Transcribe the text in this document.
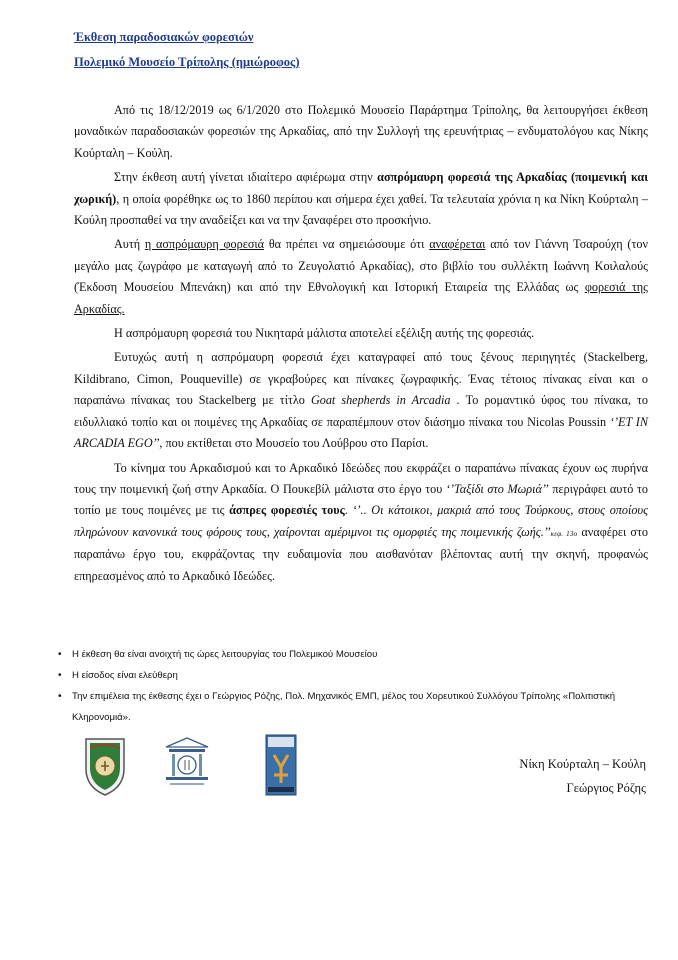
Έκθεση παραδοσιακών φορεσιών

Πολεμικό Μουσείο Τρίπολης (ημιώροφος)

Από τις 18/12/2019 ως 6/1/2020 στο Πολεμικό Μουσείο Παράρτημα Τρίπολης, θα λειτουργήσει έκθεση μοναδικών παραδοσιακών φορεσιών της Αρκαδίας, από την Συλλογή της ερευνήτριας – ενδυματολόγου κας Νίκης Κούρταλη – Κούλη.

Στην έκθεση αυτή γίνεται ιδιαίτερο αφιέρωμα στην ασπρόμαυρη φορεσιά της Αρκαδίας (ποιμενική και χωρική), η οποία φορέθηκε ως το 1860 περίπου και σήμερα έχει χαθεί. Τα τελευταία χρόνια η κα Νίκη Κούρταλη – Κούλη προσπαθεί να την αναδείξει και να την ξαναφέρει στο προσκήνιο.

Αυτή η ασπρόμαυρη φορεσιά θα πρέπει να σημειώσουμε ότι αναφέρεται από τον Γιάννη Τσαρούχη (τον μεγάλο μας ζωγράφο με καταγωγή από το Ζευγολατιό Αρκαδίας), στο βιβλίο του συλλέκτη Ιωάννη Κοιλαλούς (Έκδοση Μουσείου Μπενάκη) και από την Εθνολογική και Ιστορική Εταιρεία της Ελλάδας ως φορεσιά της Αρκαδίας.

Η ασπρόμαυρη φορεσιά του Νικηταρά μάλιστα αποτελεί εξέλιξη αυτής της φορεσιάς.

Ευτυχώς αυτή η ασπρόμαυρη φορεσιά έχει καταγραφεί από τους ξένους περιηγητές (Stackelberg, Kildibrano, Cimon, Pouqueville) σε γκραβούρες και πίνακες ζωγραφικής. Ένας τέτοιος πίνακας είναι και ο παραπάνω πίνακας του Stackelberg με τίτλο Goat shepherds in Arcadia . Το ρομαντικό ύφος του πίνακα, το ειδυλλιακό τοπίο και οι ποιμένες της Αρκαδίας σε παραπέμπουν στον διάσημο πίνακα του Nicolas Poussin ‘’ET IN ARCADIA EGO’’, που εκτίθεται στο Μουσείο του Λούβρου στο Παρίσι.

Το κίνημα του Αρκαδισμού και το Αρκαδικό Ιδεώδες που εκφράζει ο παραπάνω πίνακας έχουν ως πυρήνα τους την ποιμενική ζωή στην Αρκαδία. Ο Πουκεβίλ μάλιστα στο έργο του ‘’Ταξίδι στο Μωριά’’ περιγράφει αυτό το τοπίο με τους ποιμένες με τις άσπρες φορεσιές τους. ‘’.. Οι κάτοικοι, μακριά από τους Τούρκους, στους οποίους πληρώνουν κανονικά τους φόρους τους, χαίρονται αμέριμνοι τις ομορφιές της ποιμενικής ζωής.’’κεφ. 13ο αναφέρει στο παραπάνω έργο του, εκφράζοντας την ευδαιμονία που αισθανόταν βλέποντας αυτή την σκηνή, προφανώς επηρεασμένος από το Αρκαδικό Ιδεώδες.

• Η έκθεση θα είναι ανοιχτή τις ώρες λειτουργίας του Πολεμικού Μουσείου
• Η είσοδος είναι ελεύθερη
• Την επιμέλεια της έκθεσης έχει ο Γεώργιος Ρόζης, Πολ. Μηχανικός ΕΜΠ, μέλος του Χορευτικού Συλλόγου Τρίπολης «Πολιτιστική Κληρονομιά».
Νίκη Κούρταλη – Κούλη
Γεώργιος Ρόζης
